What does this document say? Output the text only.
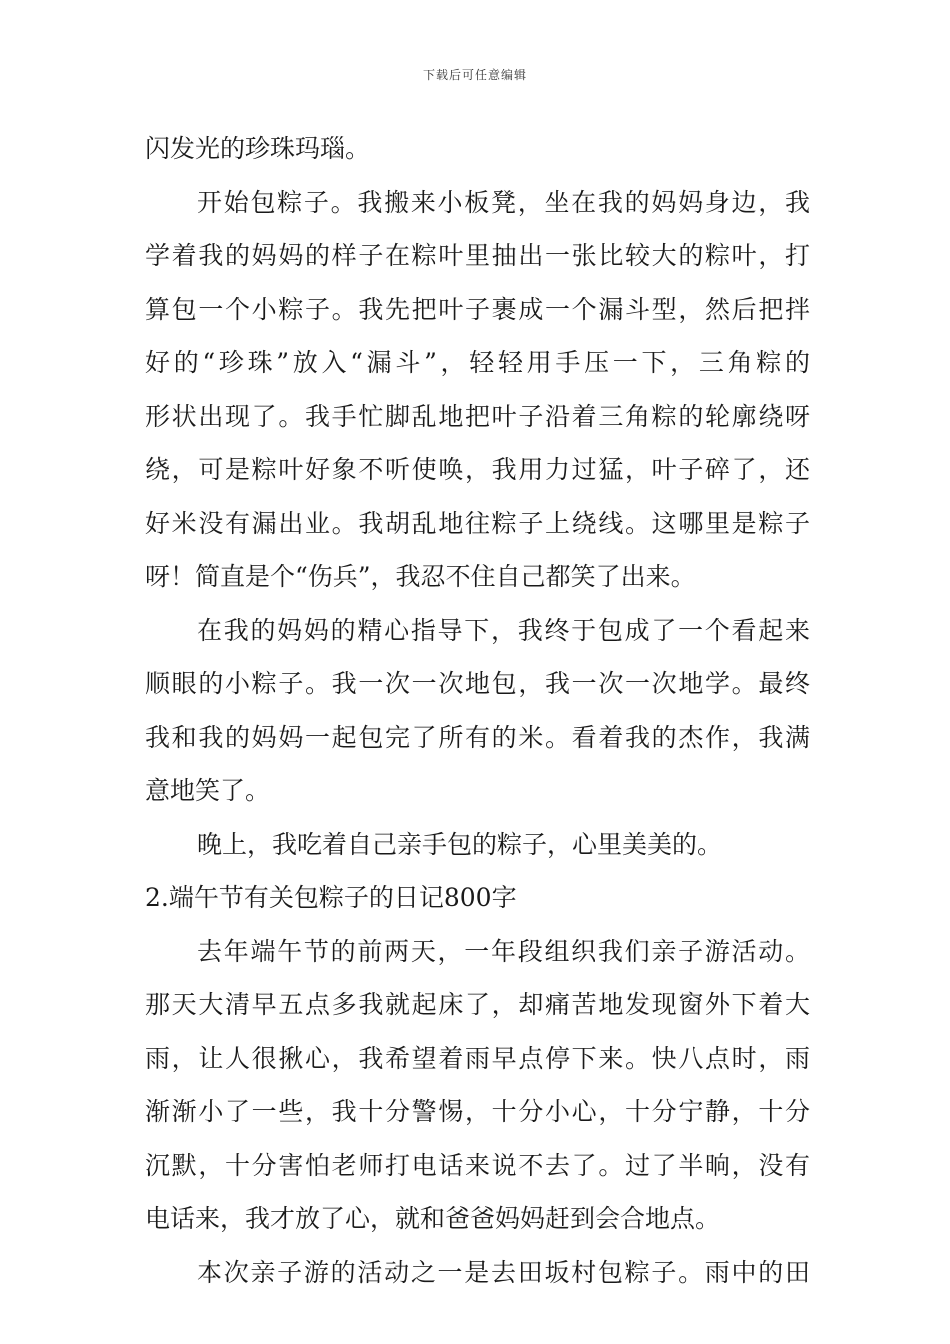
下载后可任意编辑
闪发光的珍珠玛瑙。
开始包粽子。我搬来小板凳，坐在我的妈妈身边，我
学着我的妈妈的样子在粽叶里抽出一张比较大的粽叶，打
算包一个小粽子。我先把叶子裹成一个漏斗型，然后把拌
好的“珍珠”放入“漏斗”，轻轻用手压一下，三角粽的
形状出现了。我手忙脚乱地把叶子沿着三角粽的轮廓绕呀
绕，可是粽叶好象不听使唤，我用力过猛，叶子碎了，还
好米没有漏出业。我胡乱地往粽子上绕线。这哪里是粽子
呀！简直是个“伤兵”，我忍不住自己都笑了出来。
在我的妈妈的精心指导下，我终于包成了一个看起来
顺眼的小粽子。我一次一次地包，我一次一次地学。最终
我和我的妈妈一起包完了所有的米。看着我的杰作，我满
意地笑了。
晚上，我吃着自己亲手包的粽子，心里美美的。
2.端午节有关包粽子的日记800字
去年端午节的前两天，一年段组织我们亲子游活动。
那天大清早五点多我就起床了，却痛苦地发现窗外下着大
雨，让人很揪心，我希望着雨早点停下来。快八点时，雨
渐渐小了一些，我十分警惕，十分小心，十分宁静，十分
沉默，十分害怕老师打电话来说不去了。过了半晌，没有
电话来，我才放了心，就和爸爸妈妈赶到会合地点。
本次亲子游的活动之一是去田坂村包粽子。雨中的田
